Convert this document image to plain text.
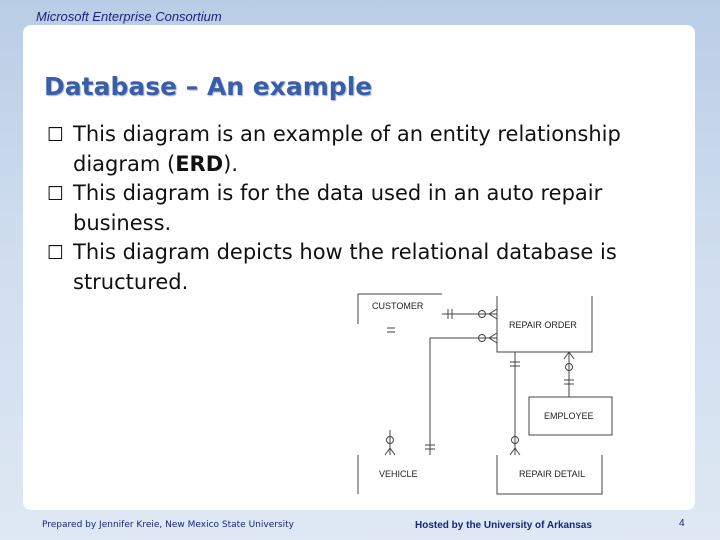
Microsoft Enterprise Consortium
Database – An example
☐ This diagram is an example of an entity relationship diagram (ERD).
☐ This diagram is for the data used in an auto repair business.
☐ This diagram depicts how the relational database is structured.
CUSTOMER
REPAIR ORDER
EMPLOYEE
VEHICLE	REPAIR DETAIL
Prepared by Jennifer Kreie, New Mexico State University	Hosted by the University of Arkansas	4
